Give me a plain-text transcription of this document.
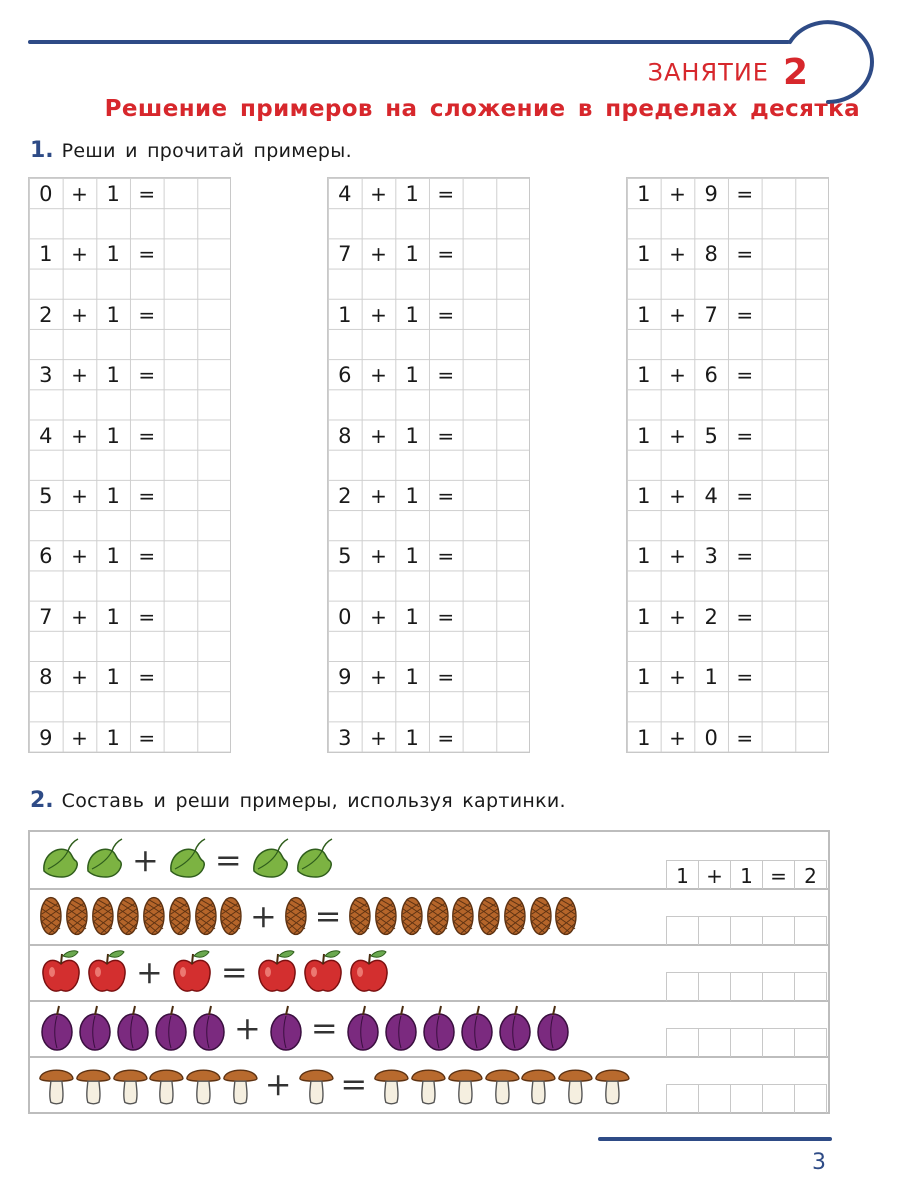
ЗАНЯТИЕ 2
Решение примеров на сложение в пределах десятка
1. Реши и прочитай примеры.
0 + 1 =
1 + 1 =
2 + 1 =
3 + 1 =
4 + 1 =
5 + 1 =
6 + 1 =
7 + 1 =
8 + 1 =
9 + 1 =
4 + 1 =
7 + 1 =
1 + 1 =
6 + 1 =
8 + 1 =
2 + 1 =
5 + 1 =
0 + 1 =
9 + 1 =
3 + 1 =
1 + 9 =
1 + 8 =
1 + 7 =
1 + 6 =
1 + 5 =
1 + 4 =
1 + 3 =
1 + 2 =
1 + 1 =
1 + 0 =
2. Составь и реши примеры, используя картинки.
+ =	1 + 1 = 2
+ =
+ =
+ =
+ =
3
